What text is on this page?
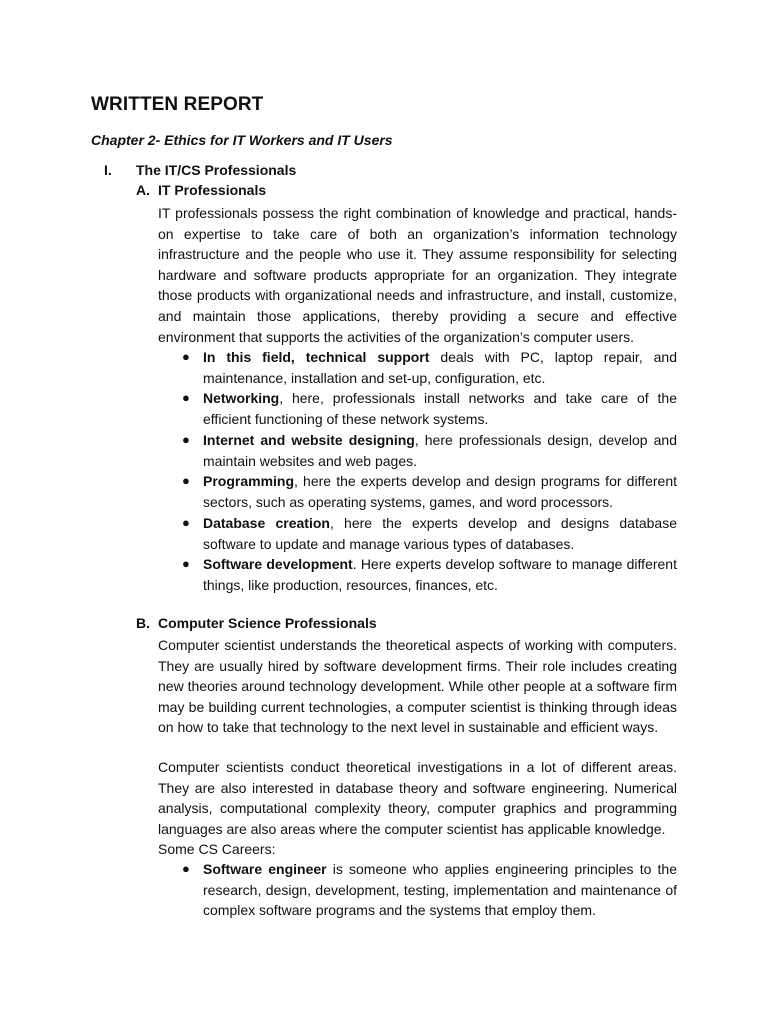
WRITTEN REPORT
Chapter 2- Ethics for IT Workers and IT Users
I. The IT/CS Professionals
A. IT Professionals

IT professionals possess the right combination of knowledge and practical, hands-on expertise to take care of both an organization’s information technology infrastructure and the people who use it. They assume responsibility for selecting hardware and software products appropriate for an organization. They integrate those products with organizational needs and infrastructure, and install, customize, and maintain those applications, thereby providing a secure and effective environment that supports the activities of the organization’s computer users.

● In this field, technical support deals with PC, laptop repair, and maintenance, installation and set-up, configuration, etc.
● Networking, here, professionals install networks and take care of the efficient functioning of these network systems.
● Internet and website designing, here professionals design, develop and maintain websites and web pages.
● Programming, here the experts develop and design programs for different sectors, such as operating systems, games, and word processors.
● Database creation, here the experts develop and designs database software to update and manage various types of databases.
● Software development. Here experts develop software to manage different things, like production, resources, finances, etc.
B. Computer Science Professionals

Computer scientist understands the theoretical aspects of working with computers. They are usually hired by software development firms. Their role includes creating new theories around technology development. While other people at a software firm may be building current technologies, a computer scientist is thinking through ideas on how to take that technology to the next level in sustainable and efficient ways.

Computer scientists conduct theoretical investigations in a lot of different areas. They are also interested in database theory and software engineering. Numerical analysis, computational complexity theory, computer graphics and programming languages are also areas where the computer scientist has applicable knowledge.

Some CS Careers:

● Software engineer is someone who applies engineering principles to the research, design, development, testing, implementation and maintenance of complex software programs and the systems that employ them.
